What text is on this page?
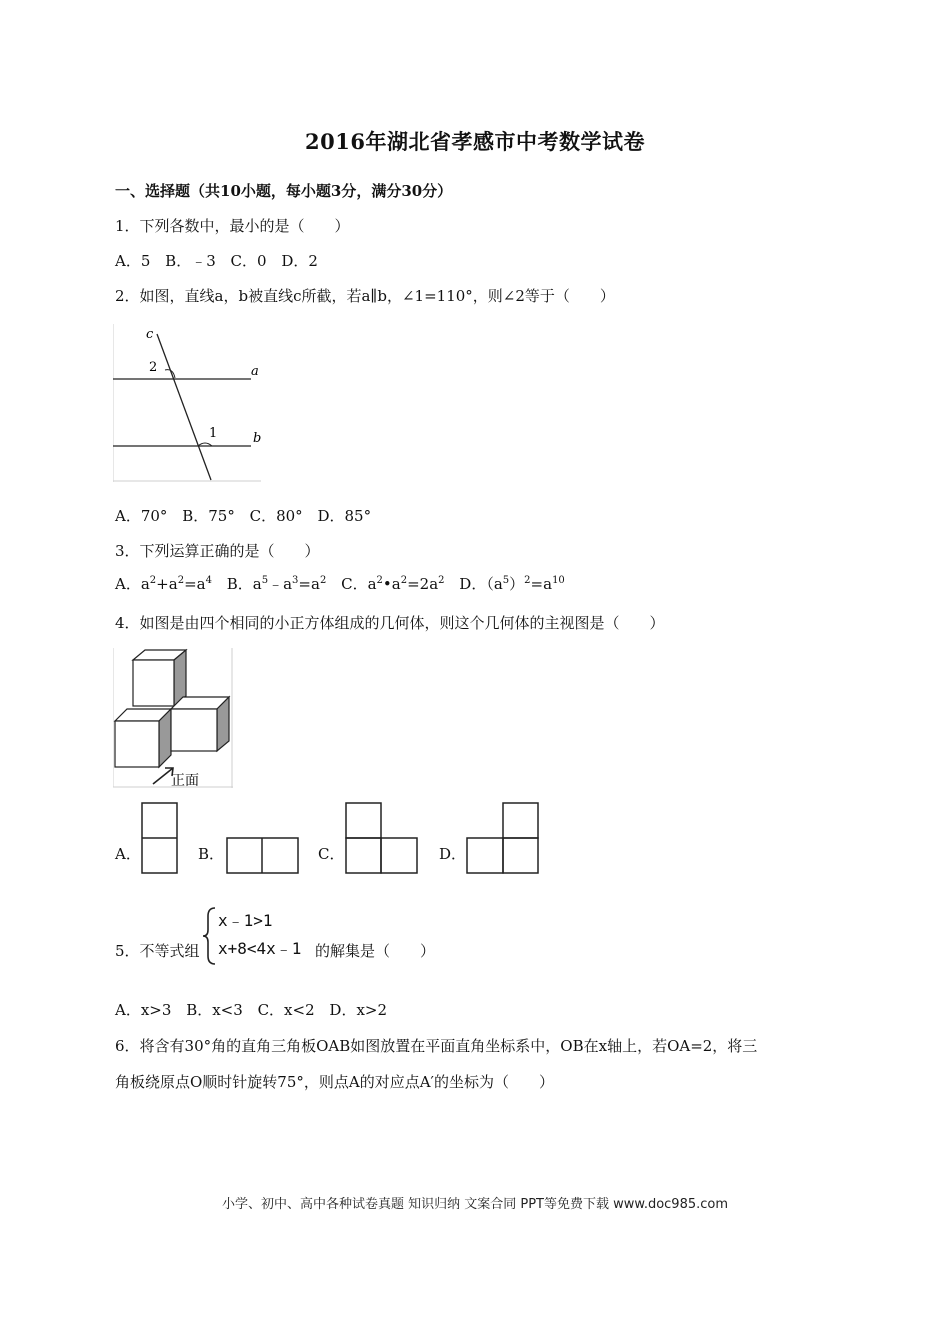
2016年湖北省孝感市中考数学试卷
一、选择题（共10小题，每小题3分，满分30分）
1．下列各数中，最小的是（　　）
A．5 B．﹣3 C．0 D．2
2．如图，直线a，b被直线c所截，若a∥b，∠1=110°，则∠2等于（　　）
c
2	a
1	b
A．70° B．75° C．80° D．85°
3．下列运算正确的是（　　）
A．$a^2+a^2=a^4$ B．$a^5﹣a^3=a^2$ C．$a^2•a^2=2a^2$ D．$(a^5)^2=a^{10}$
4．如图是由四个相同的小正方体组成的几何体，则这个几何体的主视图是（　　）
正面
A．	B．	C．	D．
5．不等式组
x﹣1>1
x+8<4x﹣1 的解集是（　　）
A．x>3 B．x<3 C．x<2 D．x>2
6．将含有30°角的直角三角板OAB如图放置在平面直角坐标系中，OB在x轴上，若OA=2，将三
角板绕原点O顺时针旋转75°，则点A的对应点A′的坐标为（　　）
小学、初中、高中各种试卷真题 知识归纳 文案合同 PPT等免费下载 www.doc985.com
